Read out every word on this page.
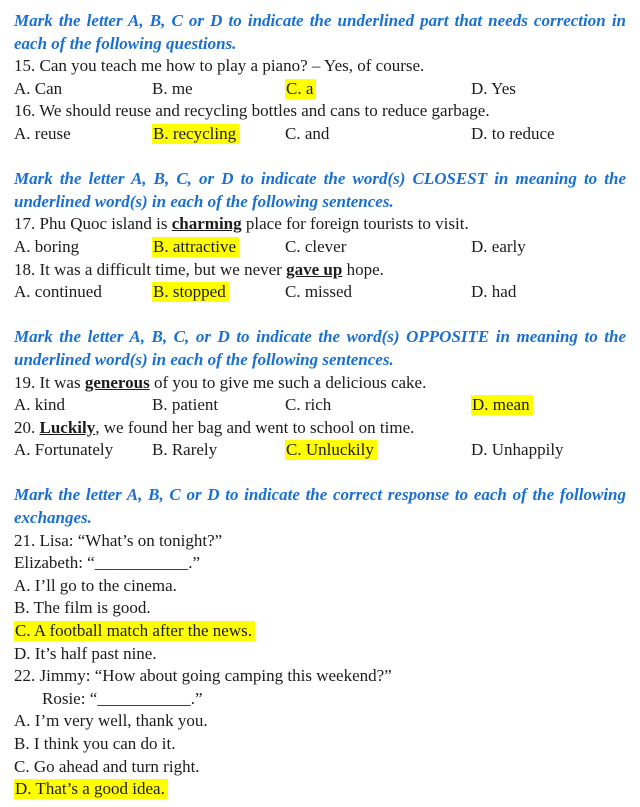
Mark the letter A, B, C or D to indicate the underlined part that needs correction in each of the following questions.

15. Can you teach me how to play a piano? – Yes, of course.

A. Can	B. me	C. a	D. Yes

16. We should reuse and recycling bottles and cans to reduce garbage.

A. reuse	B. recycling	C. and	D. to reduce

Mark the letter A, B, C, or D to indicate the word(s) CLOSEST in meaning to the underlined word(s) in each of the following sentences.

17. Phu Quoc island is charming place for foreign tourists to visit.

A. boring	B. attractive	C. clever	D. early

18. It was a difficult time, but we never gave up hope.

A. continued	B. stopped	C. missed	D. had

Mark the letter A, B, C, or D to indicate the word(s) OPPOSITE in meaning to the underlined word(s) in each of the following sentences.

19. It was generous of you to give me such a delicious cake.

A. kind	B. patient	C. rich	D. mean

20. Luckily, we found her bag and went to school on time.

A. Fortunately	B. Rarely	C. Unluckily	D. Unhappily

Mark the letter A, B, C or D to indicate the correct response to each of the following exchanges.

21. Lisa: “What’s on tonight?”

Elizabeth: “___________.”

A. I’ll go to the cinema.

B. The film is good.

C. A football match after the news.

D. It’s half past nine.

22. Jimmy: “How about going camping this weekend?”

Rosie: “___________.”

A. I’m very well, thank you.

B. I think you can do it.

C. Go ahead and turn right.

D. That’s a good idea.
